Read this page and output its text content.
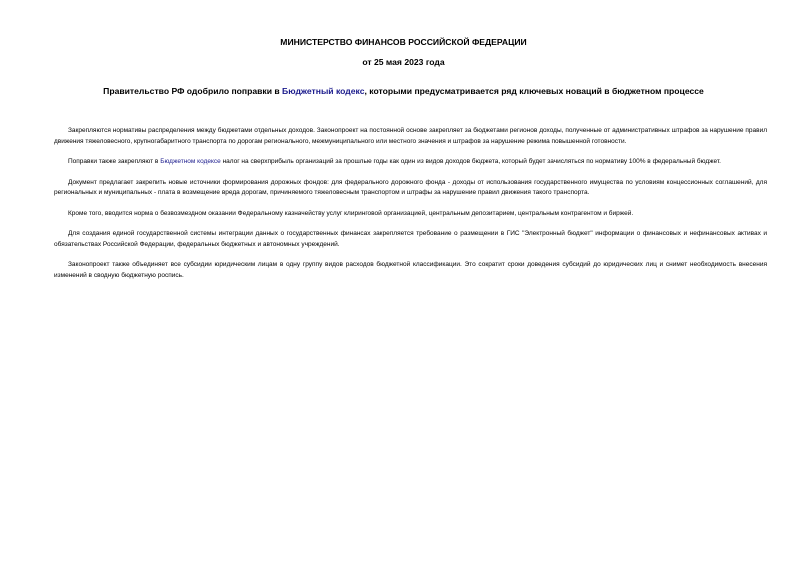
МИНИСТЕРСТВО ФИНАНСОВ РОССИЙСКОЙ ФЕДЕРАЦИИ
от 25 мая 2023 года
Правительство РФ одобрило поправки в Бюджетный кодекс, которыми предусматривается ряд ключевых новаций в бюджетном процессе

Закрепляются нормативы распределения между бюджетами отдельных доходов. Законопроект на постоянной основе закрепляет за бюджетами регионов доходы, полученные от административных штрафов за нарушение правил движения тяжеловесного, крупногабаритного транспорта по дорогам регионального, межмуниципального или местного значения и штрафов за нарушение режима повышенной готовности.

Поправки также закрепляют в Бюджетном кодексе налог на сверхприбыль организаций за прошлые годы как один из видов доходов бюджета, который будет зачисляться по нормативу 100% в федеральный бюджет.

Документ предлагает закрепить новые источники формирования дорожных фондов: для федерального дорожного фонда - доходы от использования государственного имущества по условиям концессионных соглашений, для региональных и муниципальных - плата в возмещение вреда дорогам, причиняемого тяжеловесным транспортом и штрафы за нарушение правил движения такого транспорта.

Кроме того, вводится норма о безвозмездном оказании Федеральному казначейству услуг клиринговой организацией, центральным депозитарием, центральным контрагентом и биржей.

Для создания единой государственной системы интеграции данных о государственных финансах закрепляется требование о размещении в ГИС "Электронный бюджет" информации о финансовых и нефинансовых активах и обязательствах Российской Федерации, федеральных бюджетных и автономных учреждений.

Законопроект также объединяет все субсидии юридическим лицам в одну группу видов расходов бюджетной классификации. Это сократит сроки доведения субсидий до юридических лиц и снимет необходимость внесения изменений в сводную бюджетную роспись.
